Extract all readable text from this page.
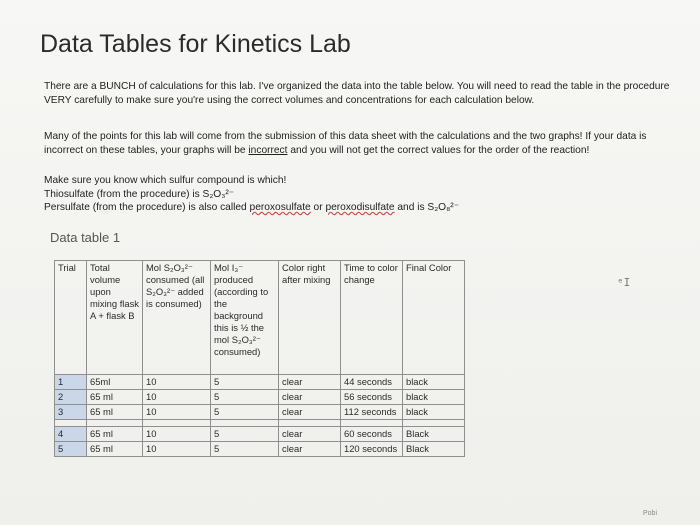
Data Tables for Kinetics Lab
There are a BUNCH of calculations for this lab. I've organized the data into the table below. You will need to read the table in the procedure VERY carefully to make sure you're using the correct volumes and concentrations for each calculation below.
Many of the points for this lab will come from the submission of this data sheet with the calculations and the two graphs! If your data is incorrect on these tables, your graphs will be incorrect and you will not get the correct values for the order of the reaction!
Make sure you know which sulfur compound is which!
Thiosulfate (from the procedure) is S₂O₃²⁻
Persulfate (from the procedure) is also called peroxosulfate or peroxodisulfate and is S₂O₈²⁻
Data table 1
Trial	Total volume upon mixing flask A + flask B	Mol S₂O₃²⁻ consumed (all S₂O₃²⁻ added is consumed)	Mol I₃⁻ produced (according to the background this is ½ the mol S₂O₃²⁻ consumed)	Color right after mixing	Time to color change	Final Color
1	65ml	10	5	clear	44 seconds	black
2	65 ml	10	5	clear	56 seconds	black
3	65 ml	10	5	clear	112 seconds	black

4	65 ml	10	5	clear	60 seconds	Black
5	65 ml	10	5	clear	120 seconds	Black
ᵉI
Pobi
